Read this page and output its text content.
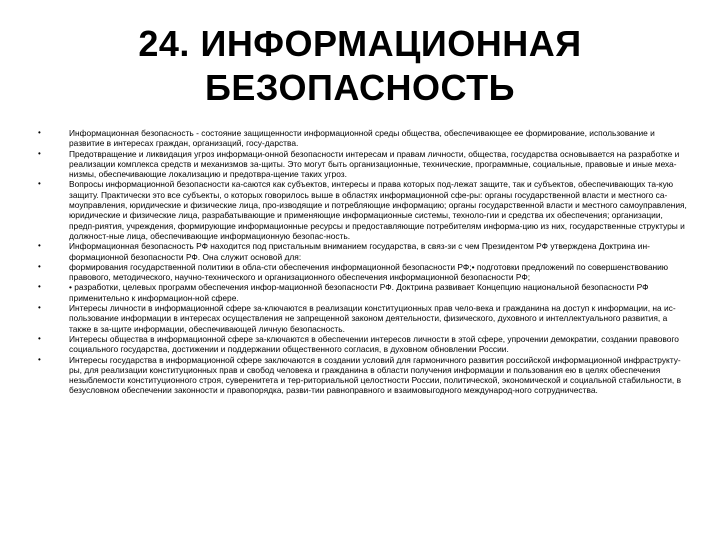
24. ИНФОРМАЦИОННАЯ
БЕЗОПАСНОСТЬ
•	Информационная безопасность - состояние защищенности информационной среды общества, обеспечивающее ее формирование, использование и развитие в интересах граждан, организаций, госу-дарства.
•	Предотвращение и ликвидация угроз информаци-онной безопасности интересам и правам личности, общества, государства основывается на разработке и реализации комплекса средств и механизмов за-щиты. Это могут быть организационные, технические, программные, социальные, правовые и иные меха-низмы, обеспечивающие локализацию и предотвра-щение таких угроз.
•	Вопросы информационной безопасности ка-саются как субъектов, интересы и права которых под-лежат защите, так и субъектов, обеспечивающих та-кую защиту. Практически это все субъекты, о которых говорилось выше в областях информационной сфе-ры: органы государственной власти и местного са-моуправления, юридические и физические лица, про-изводящие и потребляющие информацию; органы государственной власти и местного самоуправления, юридические и физические лица, разрабатывающие и применяющие информационные системы, техноло-гии и средства их обеспечения; организации, предп-риятия, учреждения, формирующие информационные ресурсы и предоставляющие потребителям информа-цию из них, государственные структуры и должност-ные лица, обеспечивающие информационную безопас-ность.
•	Информационная безопасность РФ находится под пристальным вниманием государства, в связ-зи с чем Президентом РФ утверждена Доктрина ин-формационной безопасности РФ. Она служит основой для:
•	формирования государственной политики в обла-сти обеспечения информационной безопасности РФ;• подготовки предложений по совершенствованию правового, методического, научно-технического и организационного обеспечения информационной безопасности РФ;
•	• разработки, целевых программ обеспечения инфор-мационной безопасности РФ. Доктрина развивает Концепцию национальной безопасности РФ применительно к информацион-ной сфере.
•	Интересы личности в информационной сфере за-ключаются в реализации конституционных прав чело-века и гражданина на доступ к информации, на ис-пользование информации в интересах осуществления не запрещенной законом деятельности, физического, духовного и интеллектуального развития, а также в за-щите информации, обеспечивающей личную безопасность.
•	Интересы общества в информационной сфере за-ключаются в обеспечении интересов личности в этой сфере, упрочении демократии, создании правового социального государства, достижении и поддержании общественного согласия, в духовном обновлении России.
•	Интересы государства в информационной сфере заключаются в создании условий для гармоничного развития российской информационной инфраструкту-ры, для реализации конституционных прав и свобод человека и гражданина в области получения информации и пользования ею в целях обеспечения незыблемости конституционного строя, суверенитета и тер-риториальной целостности России, политической, экономической и социальной стабильности, в безусловном обеспечении законности и правопорядка, разви-тии равноправного и взаимовыгодного международ-ного сотрудничества.
